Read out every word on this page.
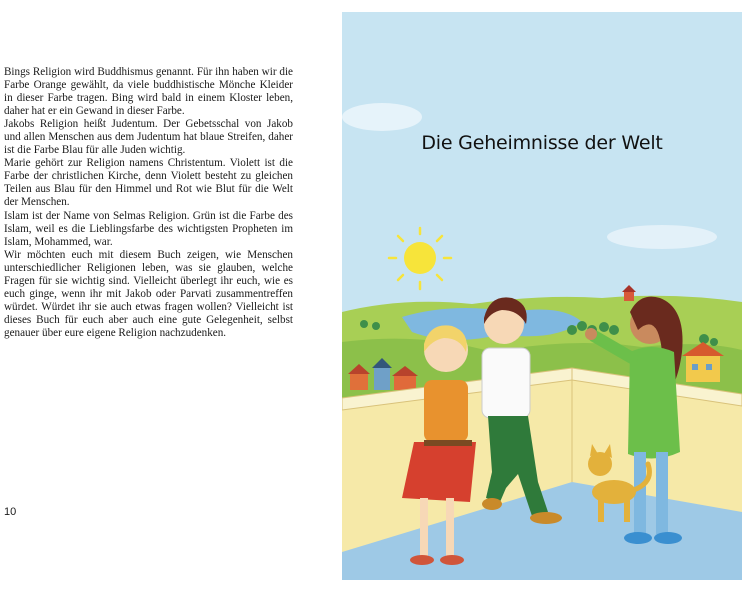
Bings Religion wird Buddhismus genannt. Für ihn haben wir die Farbe Orange gewählt, da viele buddhistische Mönche Kleider in dieser Farbe tragen. Bing wird bald in einem Kloster leben, daher hat er ein Gewand in dieser Farbe.

Jakobs Religion heißt Judentum. Der Gebetsschal von Jakob und allen Menschen aus dem Judentum hat blaue Streifen, daher ist die Farbe Blau für alle Juden wichtig.

Marie gehört zur Religion namens Christentum. Violett ist die Farbe der christlichen Kirche, denn Violett besteht zu gleichen Teilen aus Blau für den Himmel und Rot wie Blut für die Welt der Menschen.

Islam ist der Name von Selmas Religion. Grün ist die Farbe des Islam, weil es die Lieblingsfarbe des wichtigsten Propheten im Islam, Mohammed, war.

Wir möchten euch mit diesem Buch zeigen, wie Menschen unterschiedlicher Religionen leben, was sie glauben, welche Fragen für sie wichtig sind. Vielleicht überlegt ihr euch, wie es euch ginge, wenn ihr mit Jakob oder Parvati zusammentreffen würdet. Würdet ihr sie auch etwas fragen wollen? Vielleicht ist dieses Buch für euch aber auch eine gute Gelegenheit, selbst genauer über eure eigene Religion nachzudenken.

10
Die Geheimnisse der Welt
